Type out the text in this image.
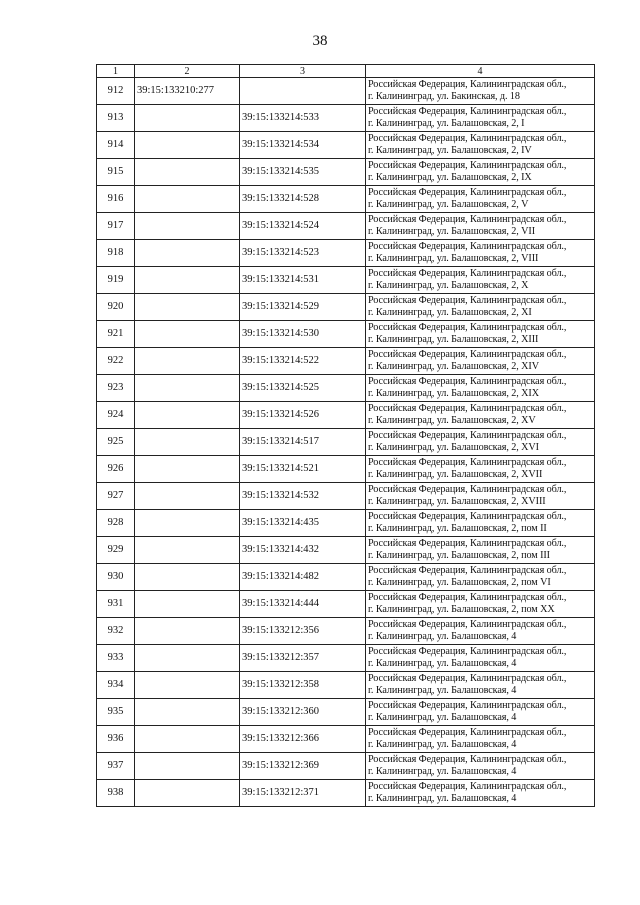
38
1	2	3	4
912	39:15:133210:277		Российская Федерация, Калининградская обл.,
г. Калининград, ул. Бакинская, д. 18

913		39:15:133214:533	Российская Федерация, Калининградская обл.,
г. Калининград, ул. Балашовская, 2, I

914		39:15:133214:534	Российская Федерация, Калининградская обл.,
г. Калининград, ул. Балашовская, 2, IV

915		39:15:133214:535	Российская Федерация, Калининградская обл.,
г. Калининград, ул. Балашовская, 2, IX

916		39:15:133214:528	Российская Федерация, Калининградская обл.,
г. Калининград, ул. Балашовская, 2, V

917		39:15:133214:524	Российская Федерация, Калининградская обл.,
г. Калининград, ул. Балашовская, 2, VII

918		39:15:133214:523	Российская Федерация, Калининградская обл.,
г. Калининград, ул. Балашовская, 2, VIII

919		39:15:133214:531	Российская Федерация, Калининградская обл.,
г. Калининград, ул. Балашовская, 2, X

920		39:15:133214:529	Российская Федерация, Калининградская обл.,
г. Калининград, ул. Балашовская, 2, XI

921		39:15:133214:530	Российская Федерация, Калининградская обл.,
г. Калининград, ул. Балашовская, 2, XIII

922		39:15:133214:522	Российская Федерация, Калининградская обл.,
г. Калининград, ул. Балашовская, 2, XIV

923		39:15:133214:525	Российская Федерация, Калининградская обл.,
г. Калининград, ул. Балашовская, 2, XIX

924		39:15:133214:526	Российская Федерация, Калининградская обл.,
г. Калининград, ул. Балашовская, 2, XV

925		39:15:133214:517	Российская Федерация, Калининградская обл.,
г. Калининград, ул. Балашовская, 2, XVI

926		39:15:133214:521	Российская Федерация, Калининградская обл.,
г. Калининград, ул. Балашовская, 2, XVII

927		39:15:133214:532	Российская Федерация, Калининградская обл.,
г. Калининград, ул. Балашовская, 2, XVIII

928		39:15:133214:435	Российская Федерация, Калининградская обл.,
г. Калининград, ул. Балашовская, 2, пом II

929		39:15:133214:432	Российская Федерация, Калининградская обл.,
г. Калининград, ул. Балашовская, 2, пом III

930		39:15:133214:482	Российская Федерация, Калининградская обл.,
г. Калининград, ул. Балашовская, 2, пом VI

931		39:15:133214:444	Российская Федерация, Калининградская обл.,
г. Калининград, ул. Балашовская, 2, пом XX

932		39:15:133212:356	Российская Федерация, Калининградская обл.,
г. Калининград, ул. Балашовская, 4

933		39:15:133212:357	Российская Федерация, Калининградская обл.,
г. Калининград, ул. Балашовская, 4

934		39:15:133212:358	Российская Федерация, Калининградская обл.,
г. Калининград, ул. Балашовская, 4

935		39:15:133212:360	Российская Федерация, Калининградская обл.,
г. Калининград, ул. Балашовская, 4

936		39:15:133212:366	Российская Федерация, Калининградская обл.,
г. Калининград, ул. Балашовская, 4

937		39:15:133212:369	Российская Федерация, Калининградская обл.,
г. Калининград, ул. Балашовская, 4

938		39:15:133212:371	Российская Федерация, Калининградская обл.,
г. Калининград, ул. Балашовская, 4
